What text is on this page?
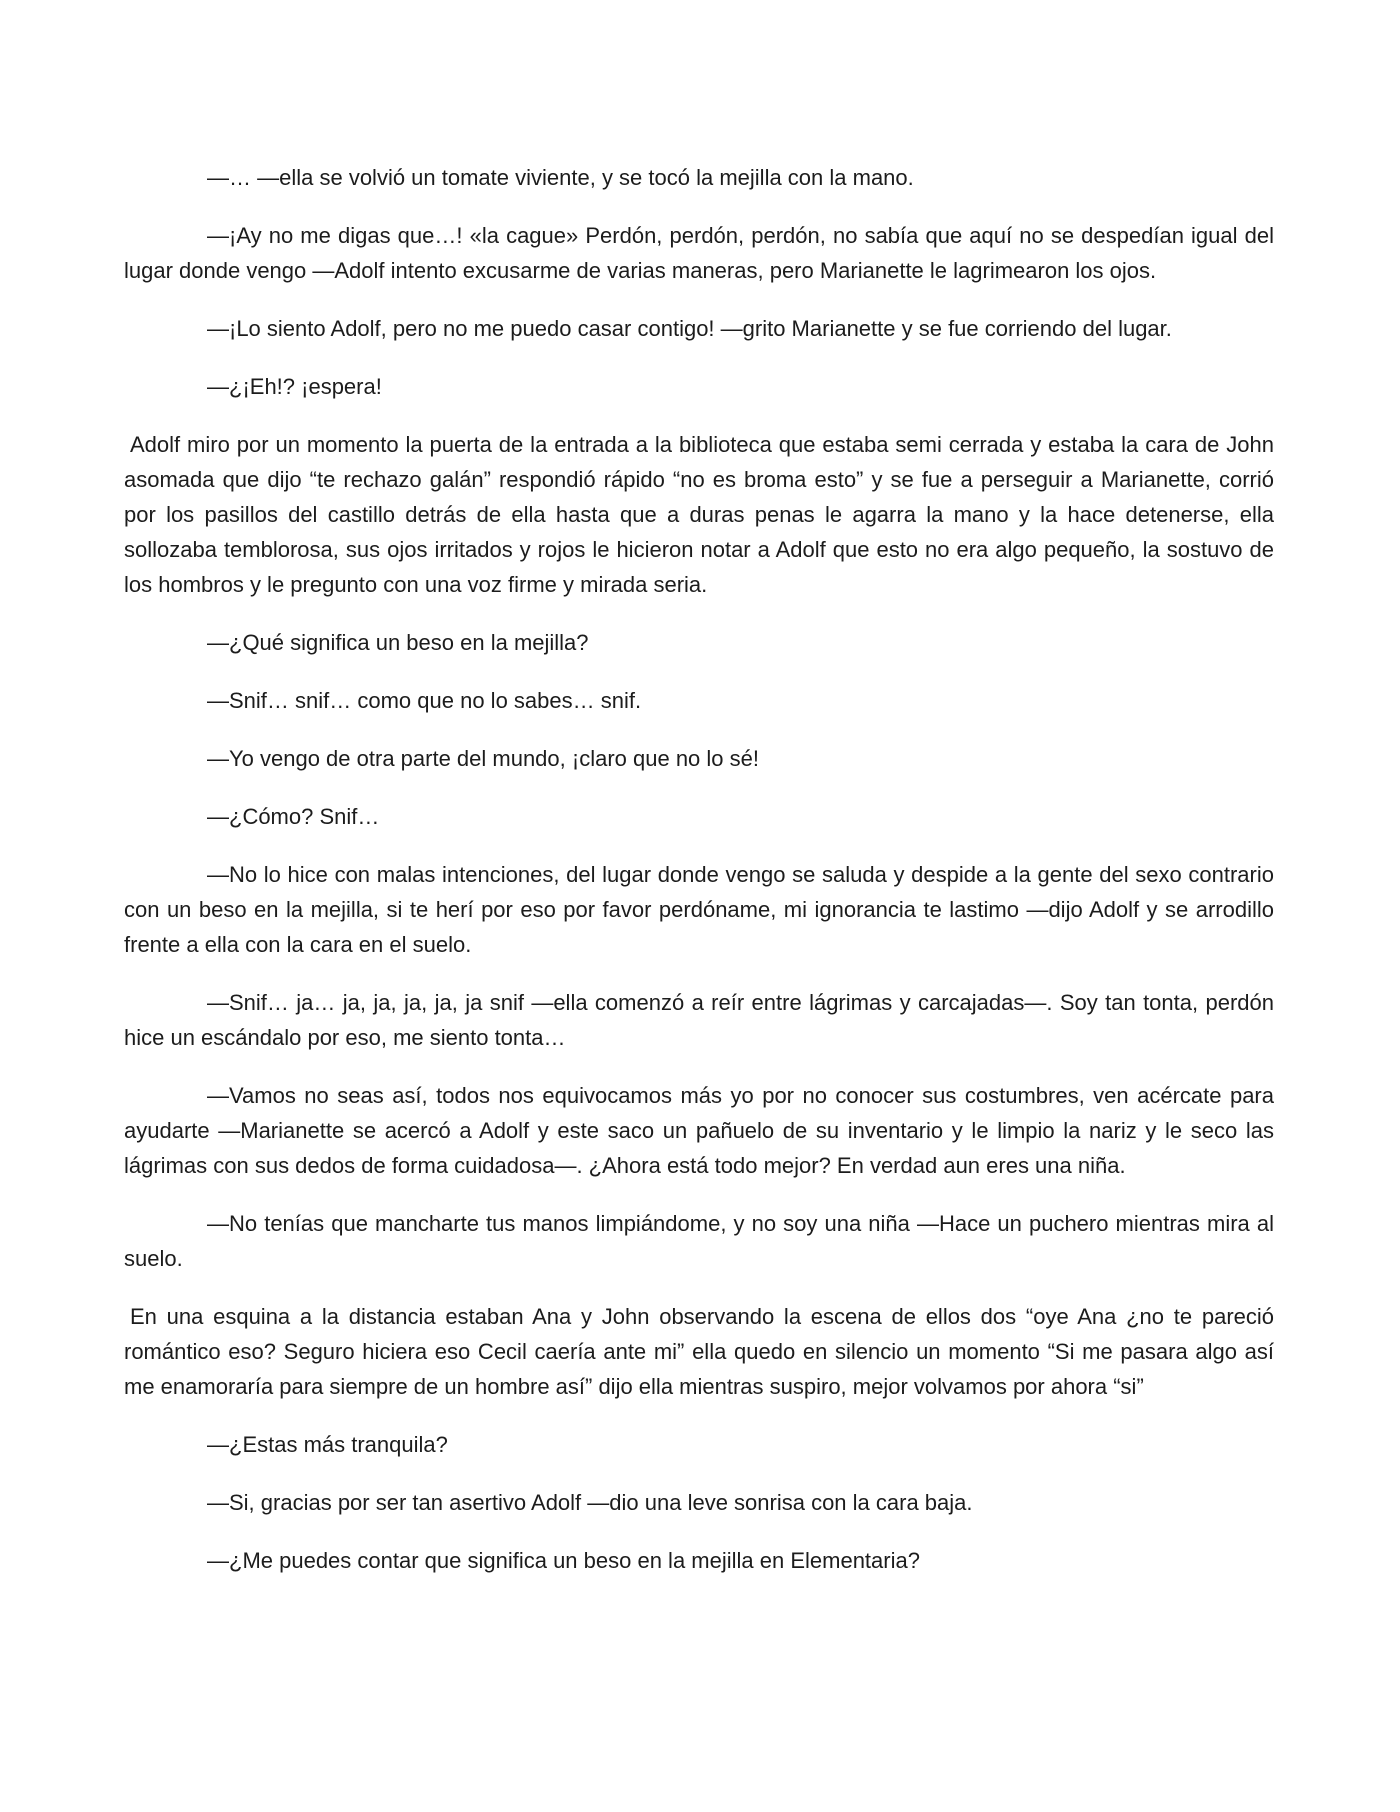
—… —ella se volvió un tomate viviente, y se tocó la mejilla con la mano.

—¡Ay no me digas que…! «la cague» Perdón, perdón, perdón, no sabía que aquí no se despedían igual del lugar donde vengo —Adolf intento excusarme de varias maneras, pero Marianette le lagrimearon los ojos.

—¡Lo siento Adolf, pero no me puedo casar contigo! —grito Marianette y se fue corriendo del lugar.

—¿¡Eh!? ¡espera!

Adolf miro por un momento la puerta de la entrada a la biblioteca que estaba semi cerrada y estaba la cara de John asomada que dijo “te rechazo galán” respondió rápido “no es broma esto” y se fue a perseguir a Marianette, corrió por los pasillos del castillo detrás de ella hasta que a duras penas le agarra la mano y la hace detenerse, ella sollozaba temblorosa, sus ojos irritados y rojos le hicieron notar a Adolf que esto no era algo pequeño, la sostuvo de los hombros y le pregunto con una voz firme y mirada seria.

—¿Qué significa un beso en la mejilla?

—Snif… snif… como que no lo sabes… snif.

—Yo vengo de otra parte del mundo, ¡claro que no lo sé!

—¿Cómo? Snif…

—No lo hice con malas intenciones, del lugar donde vengo se saluda y despide a la gente del sexo contrario con un beso en la mejilla, si te herí por eso por favor perdóname, mi ignorancia te lastimo —dijo Adolf y se arrodillo frente a ella con la cara en el suelo.

—Snif… ja… ja, ja, ja, ja, ja snif —ella comenzó a reír entre lágrimas y carcajadas—. Soy tan tonta, perdón hice un escándalo por eso, me siento tonta…

—Vamos no seas así, todos nos equivocamos más yo por no conocer sus costumbres, ven acércate para ayudarte —Marianette se acercó a Adolf y este saco un pañuelo de su inventario y le limpio la nariz y le seco las lágrimas con sus dedos de forma cuidadosa—. ¿Ahora está todo mejor? En verdad aun eres una niña.

—No tenías que mancharte tus manos limpiándome, y no soy una niña —Hace un puchero mientras mira al suelo.

En una esquina a la distancia estaban Ana y John observando la escena de ellos dos “oye Ana ¿no te pareció romántico eso? Seguro hiciera eso Cecil caería ante mi” ella quedo en silencio un momento “Si me pasara algo así me enamoraría para siempre de un hombre así” dijo ella mientras suspiro, mejor volvamos por ahora “si”

—¿Estas más tranquila?

—Si, gracias por ser tan asertivo Adolf —dio una leve sonrisa con la cara baja.

—¿Me puedes contar que significa un beso en la mejilla en Elementaria?
